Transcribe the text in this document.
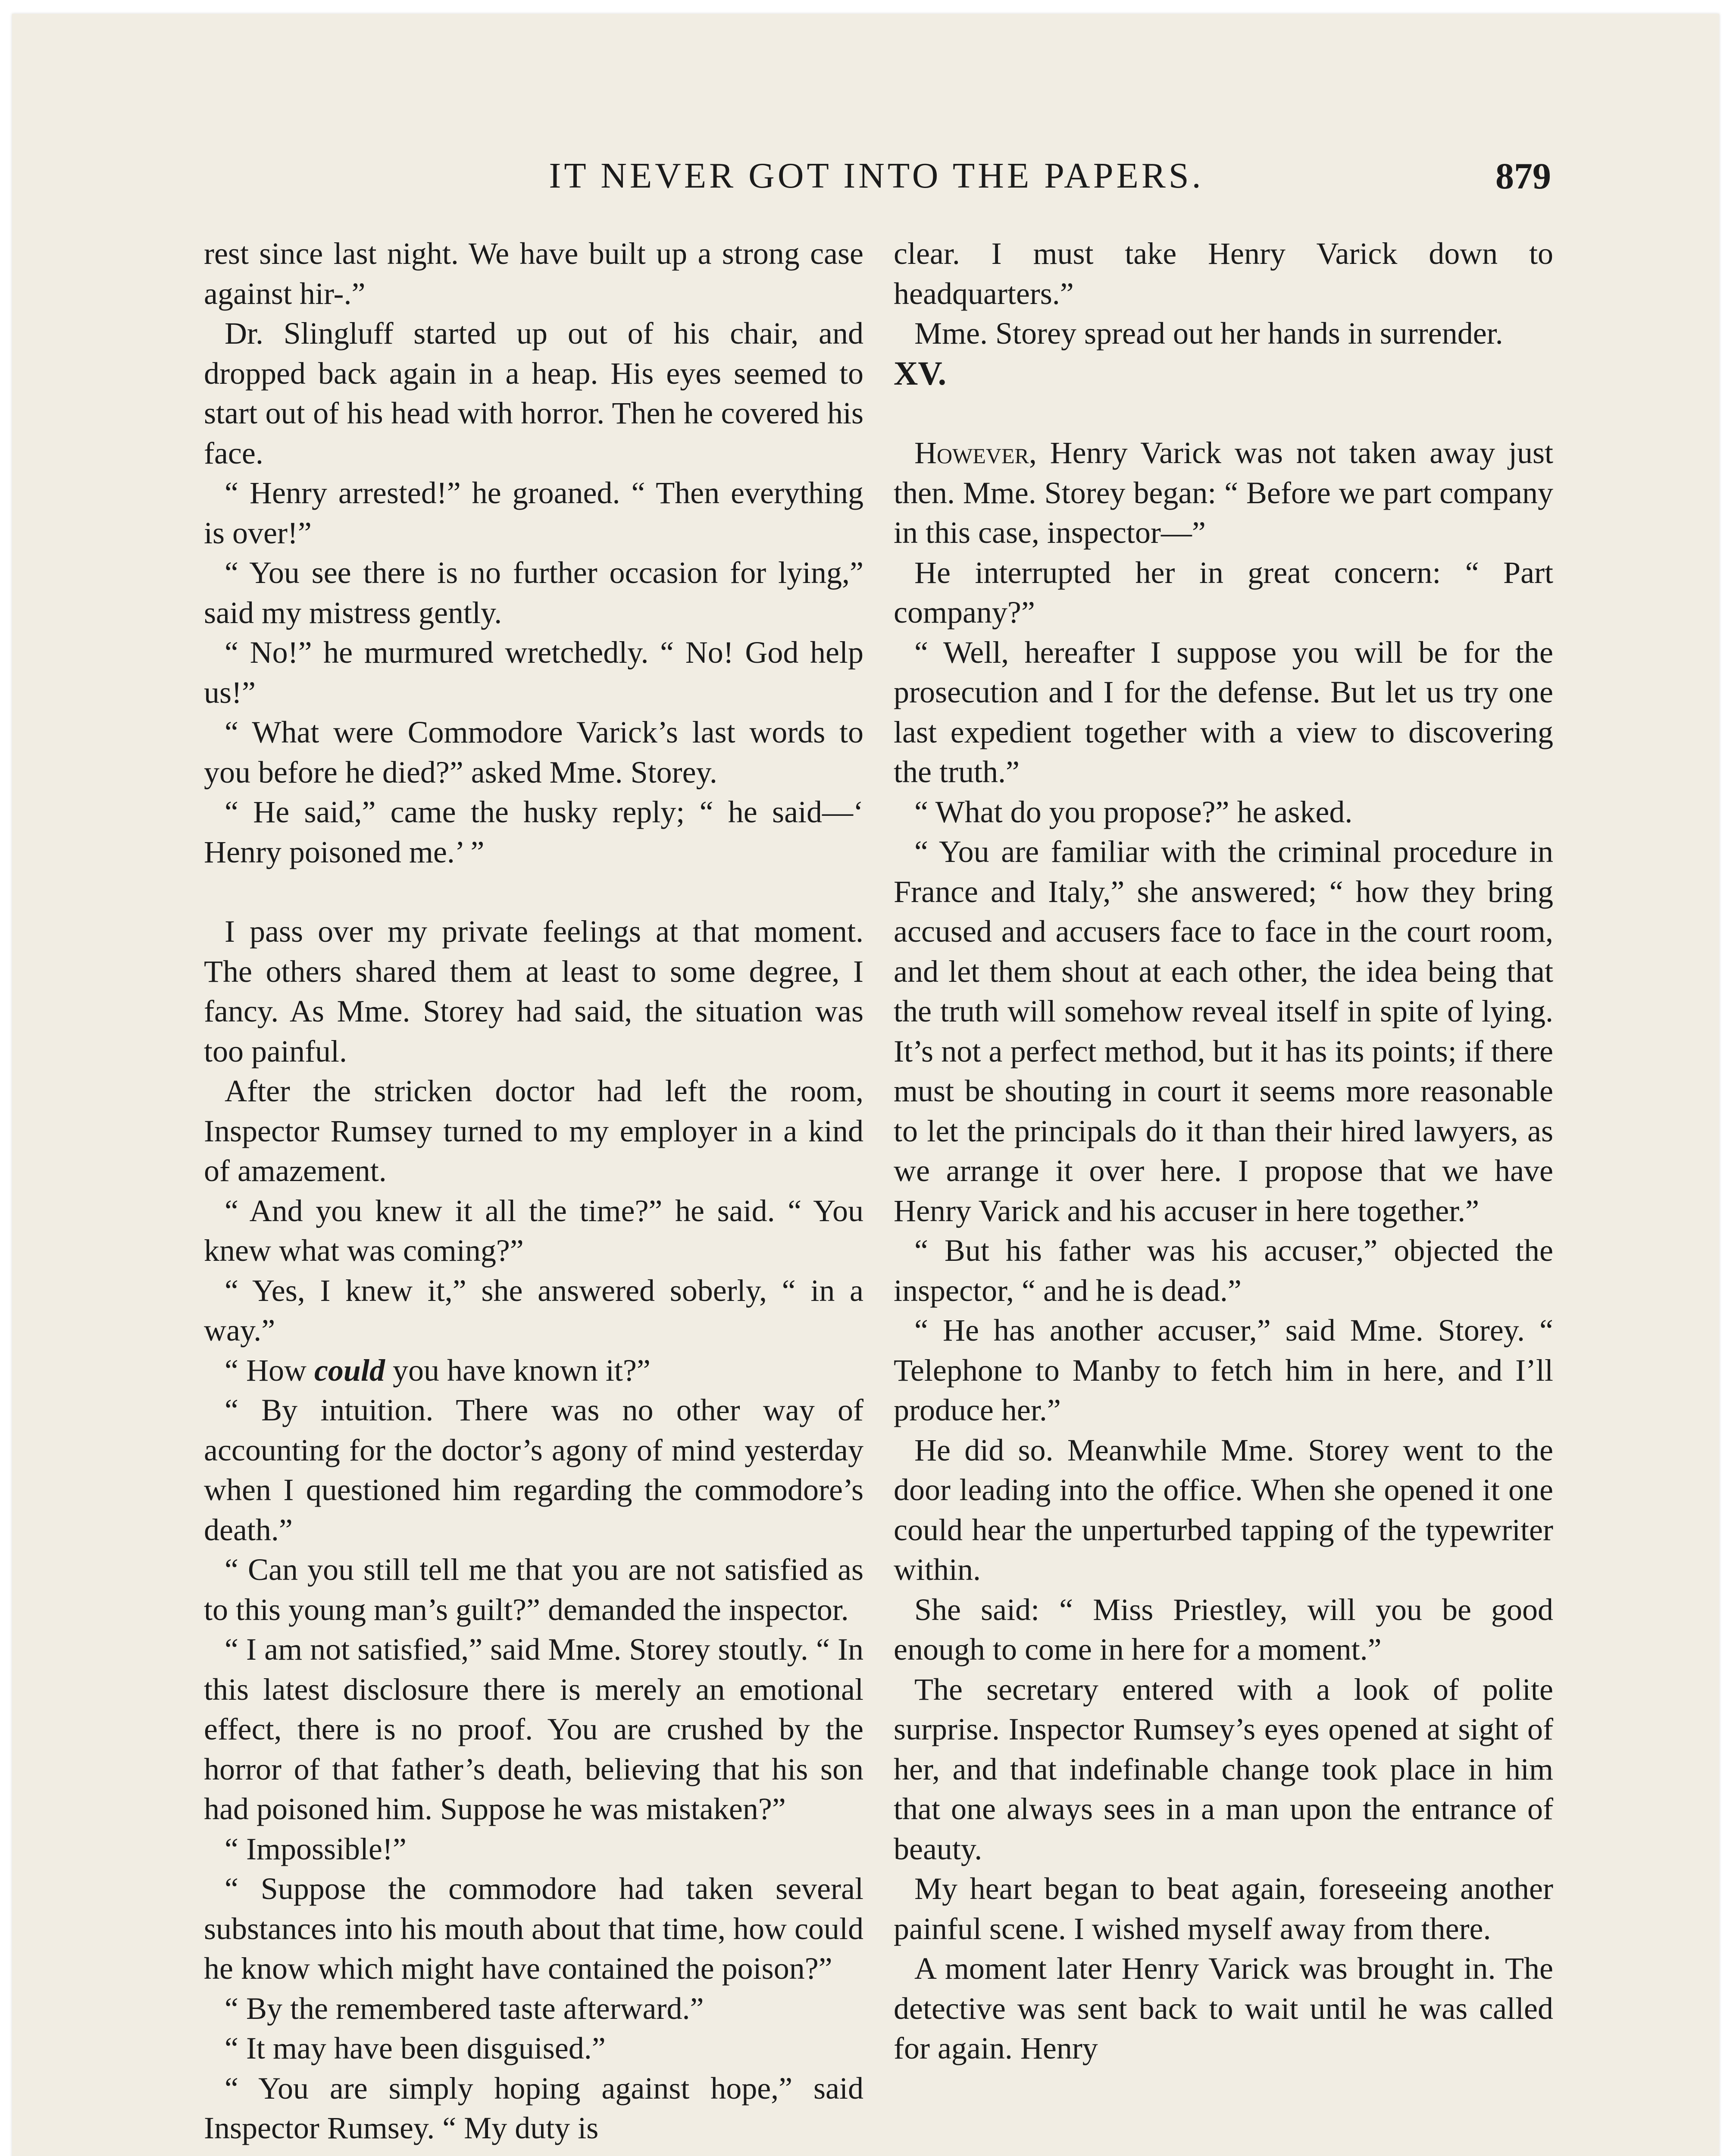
IT NEVER GOT INTO THE PAPERS.	879

rest since last night. We have built up a strong case against hir-.”

Dr. Slingluff started up out of his chair, and dropped back again in a heap. His eyes seemed to start out of his head with horror. Then he covered his face.

“ Henry arrested!” he groaned. “ Then everything is over!”

“ You see there is no further occasion for lying,” said my mistress gently.

“ No!” he murmured wretchedly. “ No! God help us!”

“ What were Commodore Varick’s last words to you before he died?” asked Mme. Storey.

“ He said,” came the husky reply; “ he said—‘ Henry poisoned me.’ ”

I pass over my private feelings at that moment. The others shared them at least to some degree, I fancy. As Mme. Storey had said, the situation was too painful.

After the stricken doctor had left the room, Inspector Rumsey turned to my employer in a kind of amazement.

“ And you knew it all the time?” he said. “ You knew what was coming?”

“ Yes, I knew it,” she answered soberly, “ in a way.”

“ How could you have known it?”

“ By intuition. There was no other way of accounting for the doctor’s agony of mind yesterday when I questioned him regarding the commodore’s death.”

“ Can you still tell me that you are not satisfied as to this young man’s guilt?” demanded the inspector.

“ I am not satisfied,” said Mme. Storey stoutly. “ In this latest disclosure there is merely an emotional effect, there is no proof. You are crushed by the horror of that father’s death, believing that his son had poisoned him. Suppose he was mistaken?”

“ Impossible!”

“ Suppose the commodore had taken several substances into his mouth about that time, how could he know which might have contained the poison?”

“ By the remembered taste afterward.”

“ It may have been disguised.”

“ You are simply hoping against hope,” said Inspector Rumsey. “ My duty is

clear. I must take Henry Varick down to headquarters.”

Mme. Storey spread out her hands in surrender.

XV.

However, Henry Varick was not taken away just then. Mme. Storey began: “ Before we part company in this case, inspector—”

He interrupted her in great concern: “ Part company?”

“ Well, hereafter I suppose you will be for the prosecution and I for the defense. But let us try one last expedient together with a view to discovering the truth.”

“ What do you propose?” he asked.

“ You are familiar with the criminal procedure in France and Italy,” she answered; “ how they bring accused and accusers face to face in the court room, and let them shout at each other, the idea being that the truth will somehow reveal itself in spite of lying. It’s not a perfect method, but it has its points; if there must be shouting in court it seems more reasonable to let the principals do it than their hired lawyers, as we arrange it over here. I propose that we have Henry Varick and his accuser in here together.”

“ But his father was his accuser,” objected the inspector, “ and he is dead.”

“ He has another accuser,” said Mme. Storey. “ Telephone to Manby to fetch him in here, and I’ll produce her.”

He did so. Meanwhile Mme. Storey went to the door leading into the office. When she opened it one could hear the unperturbed tapping of the typewriter within.

She said: “ Miss Priestley, will you be good enough to come in here for a moment.”

The secretary entered with a look of polite surprise. Inspector Rumsey’s eyes opened at sight of her, and that indefinable change took place in him that one always sees in a man upon the entrance of beauty.

My heart began to beat again, foreseeing another painful scene. I wished myself away from there.

A moment later Henry Varick was brought in. The detective was sent back to wait until he was called for again. Henry
